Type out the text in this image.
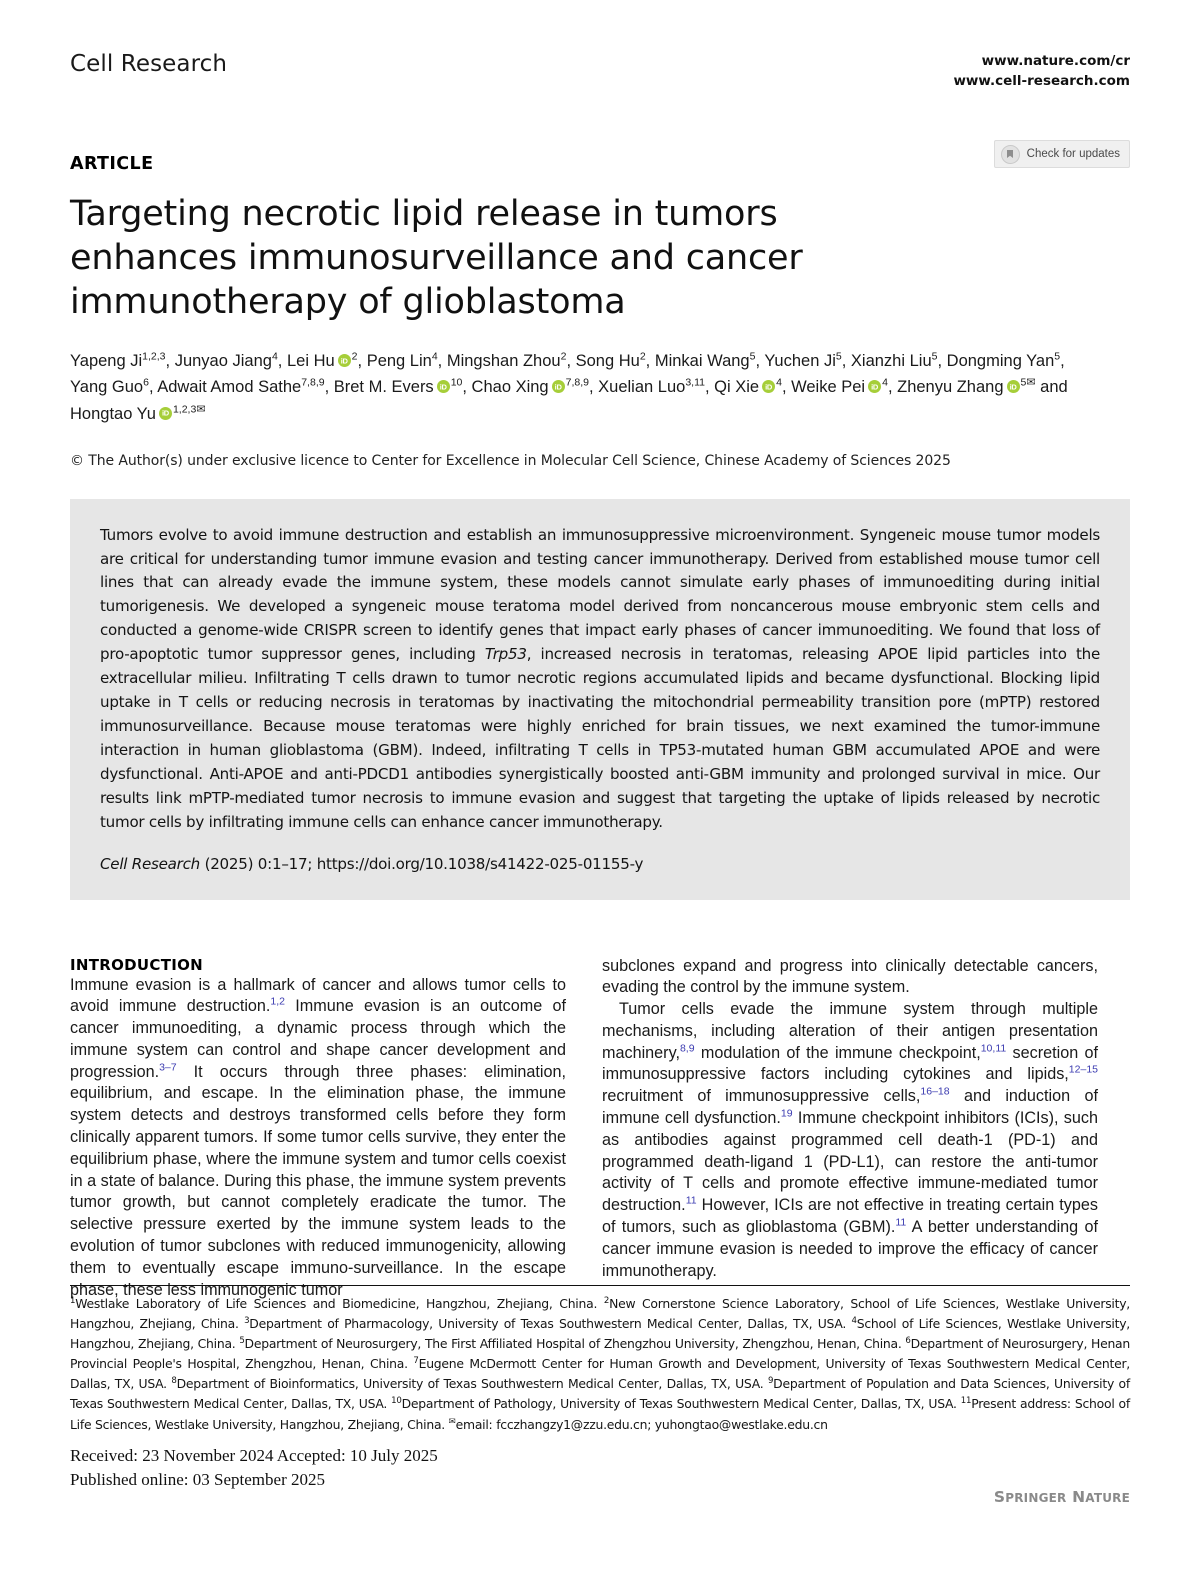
Cell Research	www.nature.com/cr
www.cell-research.com
ARTICLE	Check for updates
Targeting necrotic lipid release in tumors enhances immunosurveillance and cancer immunotherapy of glioblastoma
Yapeng Ji$^{1,2,3}$, Junyao Jiang$^4$, Lei Hu iD $^2$, Peng Lin$^4$, Mingshan Zhou$^2$, Song Hu$^2$, Minkai Wang$^5$, Yuchen Ji$^5$, Xianzhi Liu$^5$, Dongming Yan$^5$, Yang Guo$^6$, Adwait Amod Sathe$^{7,8,9}$, Bret M. Evers iD $^{10}$, Chao Xing iD $^{7,8,9}$, Xuelian Luo$^{3,11}$, Qi XieiD $^4$, Weike Pei iD $^4$, Zhenyu Zhang iD $^{5✉}$ and Hongtao Yu iD $^{1,2,3✉}$
© The Author(s) under exclusive licence to Center for Excellence in Molecular Cell Science, Chinese Academy of Sciences 2025
Tumors evolve to avoid immune destruction and establish an immunosuppressive microenvironment. Syngeneic mouse tumor models are critical for understanding tumor immune evasion and testing cancer immunotherapy. Derived from established mouse tumor cell lines that can already evade the immune system, these models cannot simulate early phases of immunoediting during initial tumorigenesis. We developed a syngeneic mouse teratoma model derived from noncancerous mouse embryonic stem cells and conducted a genome-wide CRISPR screen to identify genes that impact early phases of cancer immunoediting. We found that loss of pro-apoptotic tumor suppressor genes, including Trp53, increased necrosis in teratomas, releasing APOE lipid particles into the extracellular milieu. Infiltrating T cells drawn to tumor necrotic regions accumulated lipids and became dysfunctional. Blocking lipid uptake in T cells or reducing necrosis in teratomas by inactivating the mitochondrial permeability transition pore (mPTP) restored immunosurveillance. Because mouse teratomas were highly enriched for brain tissues, we next examined the tumor-immune interaction in human glioblastoma (GBM). Indeed, infiltrating T cells in TP53-mutated human GBM accumulated APOE and were dysfunctional. Anti-APOE and anti-PDCD1 antibodies synergistically boosted anti-GBM immunity and prolonged survival in mice. Our results link mPTP-mediated tumor necrosis to immune evasion and suggest that targeting the uptake of lipids released by necrotic tumor cells by infiltrating immune cells can enhance cancer immunotherapy.
Cell Research (2025) 0:1–17; https://doi.org/10.1038/s41422-025-01155-y
INTRODUCTION

Immune evasion is a hallmark of cancer and allows tumor cells to avoid immune destruction.$^{1,2}$ Immune evasion is an outcome of cancer immunoediting, a dynamic process through which the immune system can control and shape cancer development and progression.$^{3-7}$ It occurs through three phases: elimination, equilibrium, and escape. In the elimination phase, the immune system detects and destroys transformed cells before they form clinically apparent tumors. If some tumor cells survive, they enter the equilibrium phase, where the immune system and tumor cells coexist in a state of balance. During this phase, the immune system prevents tumor growth, but cannot completely eradicate the tumor. The selective pressure exerted by the immune system leads to the evolution of tumor subclones with reduced immunogenicity, allowing them to eventually escape immuno-surveillance. In the escape phase, these less immunogenic tumor

subclones expand and progress into clinically detectable cancers, evading the control by the immune system.

Tumor cells evade the immune system through multiple mechanisms, including alteration of their antigen presentation machinery,$^{8,9}$ modulation of the immune checkpoint,$^{10,11}$ secretion of immunosuppressive factors including cytokines and lipids,$^{12-15}$ recruitment of immunosuppressive cells,$^{16-18}$ and induction of immune cell dysfunction.$^{19}$ Immune checkpoint inhibitors (ICIs), such as antibodies against programmed cell death-1 (PD-1) and programmed death-ligand 1 (PD-L1), can restore the anti-tumor activity of T cells and promote effective immune-mediated tumor destruction.$^{11}$ However, ICIs are not effective in treating certain types of tumors, such as glioblastoma (GBM).$^{11}$ A better understanding of cancer immune evasion is needed to improve the efficacy of cancer immunotherapy.

$^1$Westlake Laboratory of Life Sciences and Biomedicine, Hangzhou, Zhejiang, China. $^2$New Cornerstone Science Laboratory, School of Life Sciences, Westlake University, Hangzhou, Zhejiang, China. $^3$Department of Pharmacology, University of Texas Southwestern Medical Center, Dallas, TX, USA. $^4$School of Life Sciences, Westlake University, Hangzhou, Zhejiang, China. $^5$Department of Neurosurgery, The First Affiliated Hospital of Zhengzhou University, Zhengzhou, Henan, China. $^6$Department of Neurosurgery, Henan Provincial People's Hospital, Zhengzhou, Henan, China. $^7$Eugene McDermott Center for Human Growth and Development, University of Texas Southwestern Medical Center, Dallas, TX, USA. $^8$Department of Bioinformatics, University of Texas Southwestern Medical Center, Dallas, TX, USA. $^9$Department of Population and Data Sciences, University of Texas Southwestern Medical Center, Dallas, TX, USA. $^{10}$Department of Pathology, University of Texas Southwestern Medical Center, Dallas, TX, USA. $^{11}$Present address: School of Life Sciences, Westlake University, Hangzhou, Zhejiang, China. ✉email: fcczhangzy1@zzu.edu.cn; yuhongtao@westlake.edu.cn
Received: 23 November 2024 Accepted: 10 July 2025
Published online: 03 September 2025
SPRINGER NATURE
